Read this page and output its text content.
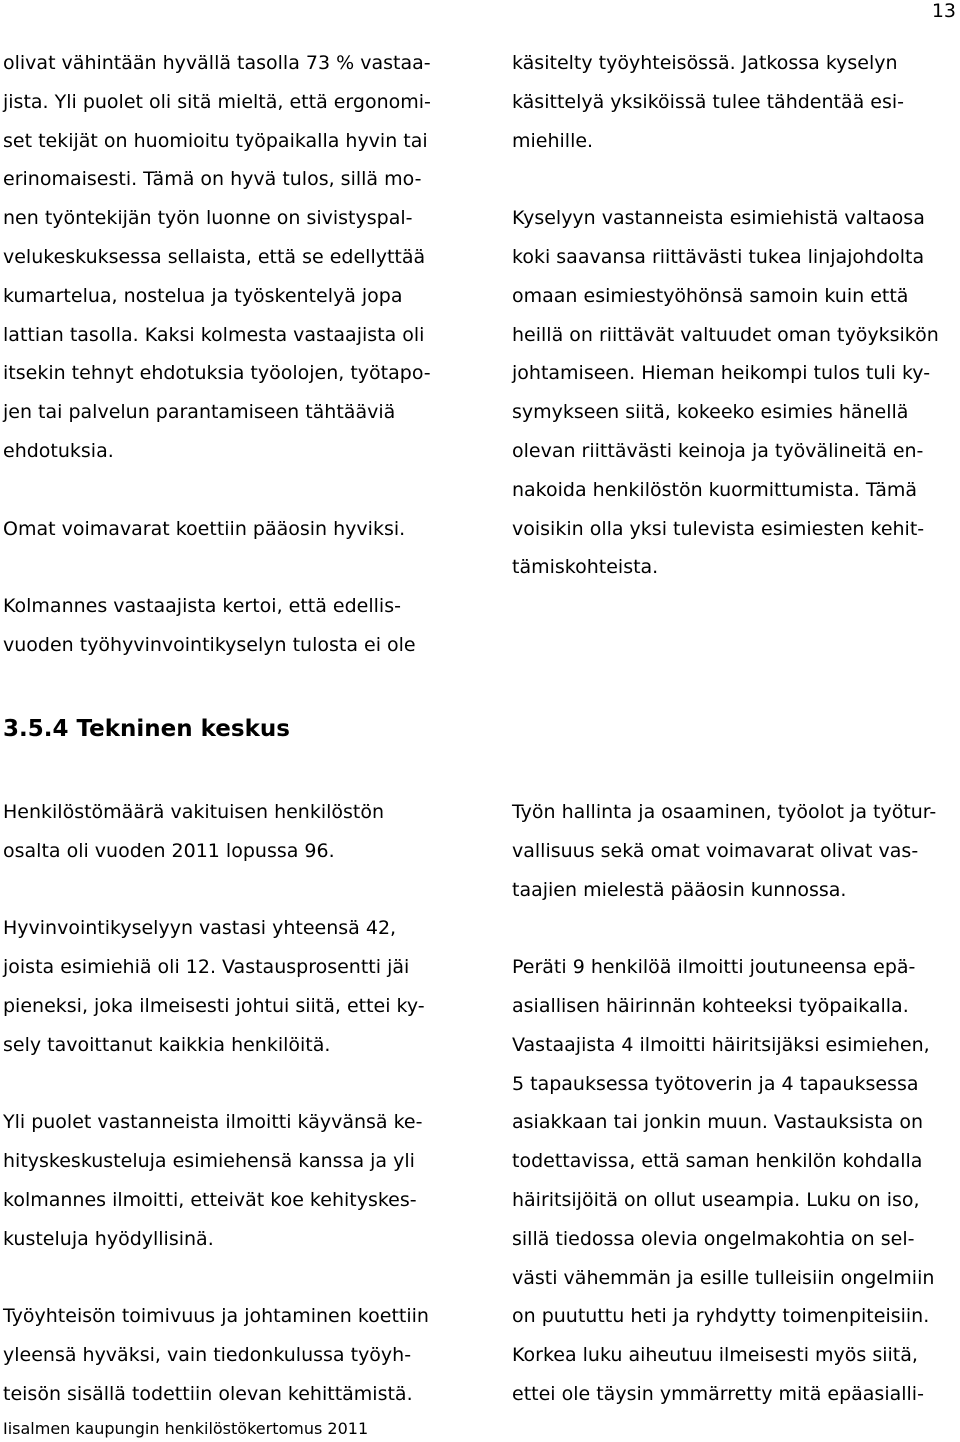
13

olivat vähintään hyvällä tasolla 73 % vastaa-

jista. Yli puolet oli sitä mieltä, että ergonomi-

set tekijät on huomioitu työpaikalla hyvin tai

erinomaisesti. Tämä on hyvä tulos, sillä mo-

nen työntekijän työn luonne on sivistyspal-

velukeskuksessa sellaista, että se edellyttää

kumartelua, nostelua ja työskentelyä jopa

lattian tasolla. Kaksi kolmesta vastaajista oli

itsekin tehnyt ehdotuksia työolojen, työtapo-

jen tai palvelun parantamiseen tähtääviä

ehdotuksia.

Omat voimavarat koettiin pääosin hyviksi.

Kolmannes vastaajista kertoi, että edellis-

vuoden työhyvinvointikyselyn tulosta ei ole

käsitelty työyhteisössä. Jatkossa kyselyn

käsittelyä yksiköissä tulee tähdentää esi-

miehille.

Kyselyyn vastanneista esimiehistä valtaosa

koki saavansa riittävästi tukea linjajohdolta

omaan esimiestyöhönsä samoin kuin että

heillä on riittävät valtuudet oman työyksikön

johtamiseen. Hieman heikompi tulos tuli ky-

symykseen siitä, kokeeko esimies hänellä

olevan riittävästi keinoja ja työvälineitä en-

nakoida henkilöstön kuormittumista. Tämä

voisikin olla yksi tulevista esimiesten kehit-

tämiskohteista.

3.5.4 Tekninen keskus

Henkilöstömäärä vakituisen henkilöstön

osalta oli vuoden 2011 lopussa 96.

Hyvinvointikyselyyn vastasi yhteensä 42,

joista esimiehiä oli 12. Vastausprosentti jäi

pieneksi, joka ilmeisesti johtui siitä, ettei ky-

sely tavoittanut kaikkia henkilöitä.

Yli puolet vastanneista ilmoitti käyvänsä ke-

hityskeskusteluja esimiehensä kanssa ja yli

kolmannes ilmoitti, etteivät koe kehityskes-

kusteluja hyödyllisinä.

Työyhteisön toimivuus ja johtaminen koettiin

yleensä hyväksi, vain tiedonkulussa työyh-

teisön sisällä todettiin olevan kehittämistä.

Työn hallinta ja osaaminen, työolot ja työtur-

vallisuus sekä omat voimavarat olivat vas-

taajien mielestä pääosin kunnossa.

Peräti 9 henkilöä ilmoitti joutuneensa epä-

asiallisen häirinnän kohteeksi työpaikalla.

Vastaajista 4 ilmoitti häiritsijäksi esimiehen,

5 tapauksessa työtoverin ja 4 tapauksessa

asiakkaan tai jonkin muun. Vastauksista on

todettavissa, että saman henkilön kohdalla

häiritsijöitä on ollut useampia. Luku on iso,

sillä tiedossa olevia ongelmakohtia on sel-

västi vähemmän ja esille tulleisiin ongelmiin

on puututtu heti ja ryhdytty toimenpiteisiin.

Korkea luku aiheutuu ilmeisesti myös siitä,

ettei ole täysin ymmärretty mitä epäasialli-

Iisalmen kaupungin henkilöstökertomus 2011
